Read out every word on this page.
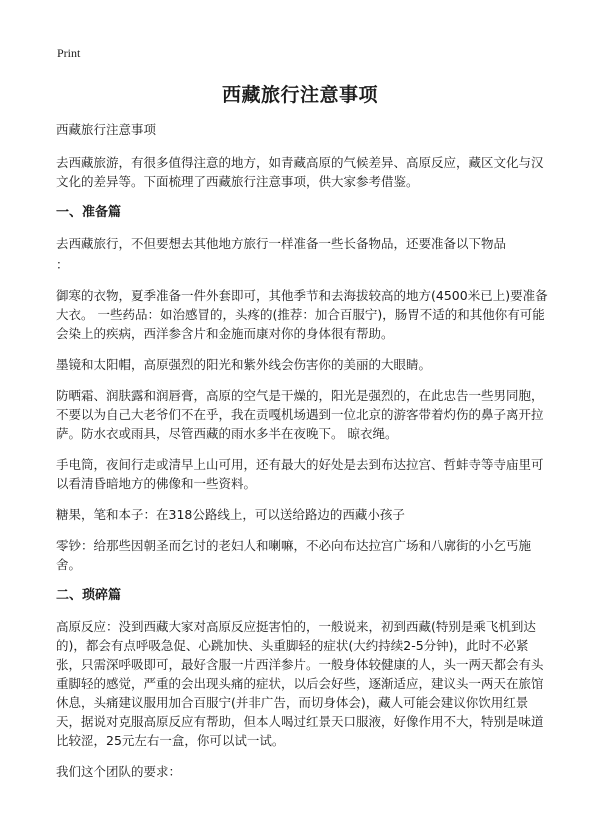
Print
西藏旅行注意事项

西藏旅行注意事项

去西藏旅游，有很多值得注意的地方，如青藏高原的气候差异、高原反应，藏区文化与汉文化的差异等。下面梳理了西藏旅行注意事项，供大家参考借鉴。

一、准备篇

去西藏旅行，不但要想去其他地方旅行一样准备一些长备物品，还要准备以下物品

：

御寒的衣物，夏季准备一件外套即可，其他季节和去海拔较高的地方(4500米已上)要准备大衣。 一些药品：如治感冒的，头疼的(推荐：加合百服宁)，肠胃不适的和其他你有可能会染上的疾病，西洋参含片和金施而康对你的身体很有帮助。

墨镜和太阳帽，高原强烈的阳光和紫外线会伤害你的美丽的大眼睛。

防晒霜、润肤露和润唇膏，高原的空气是干燥的，阳光是强烈的，在此忠告一些男同胞，不要以为自己大老爷们不在乎，我在贡嘎机场遇到一位北京的游客带着灼伤的鼻子离开拉萨。防水衣或雨具，尽管西藏的雨水多半在夜晚下。 晾衣绳。

手电筒，夜间行走或清早上山可用，还有最大的好处是去到布达拉宫、哲蚌寺等寺庙里可以看清昏暗地方的佛像和一些资料。

糖果，笔和本子：在318公路线上，可以送给路边的西藏小孩子

零钞：给那些因朝圣而乞讨的老妇人和喇嘛，不必向布达拉宫广场和八廓街的小乞丐施舍。

二、琐碎篇

高原反应：没到西藏大家对高原反应挺害怕的，一般说来，初到西藏(特别是乘飞机到达的)，都会有点呼吸急促、心跳加快、头重脚轻的症状(大约持续2-5分钟)，此时不必紧张，只需深呼吸即可，最好含服一片西洋参片。一般身体较健康的人，头一两天都会有头重脚轻的感觉，严重的会出现头痛的症状，以后会好些，逐渐适应，建议头一两天在旅馆休息，头痛建议服用加合百服宁(并非广告，而切身体会)，藏人可能会建议你饮用红景天，据说对克服高原反应有帮助，但本人喝过红景天口服液，好像作用不大，特别是味道比较涩，25元左右一盒，你可以试一试。

我们这个团队的要求：
